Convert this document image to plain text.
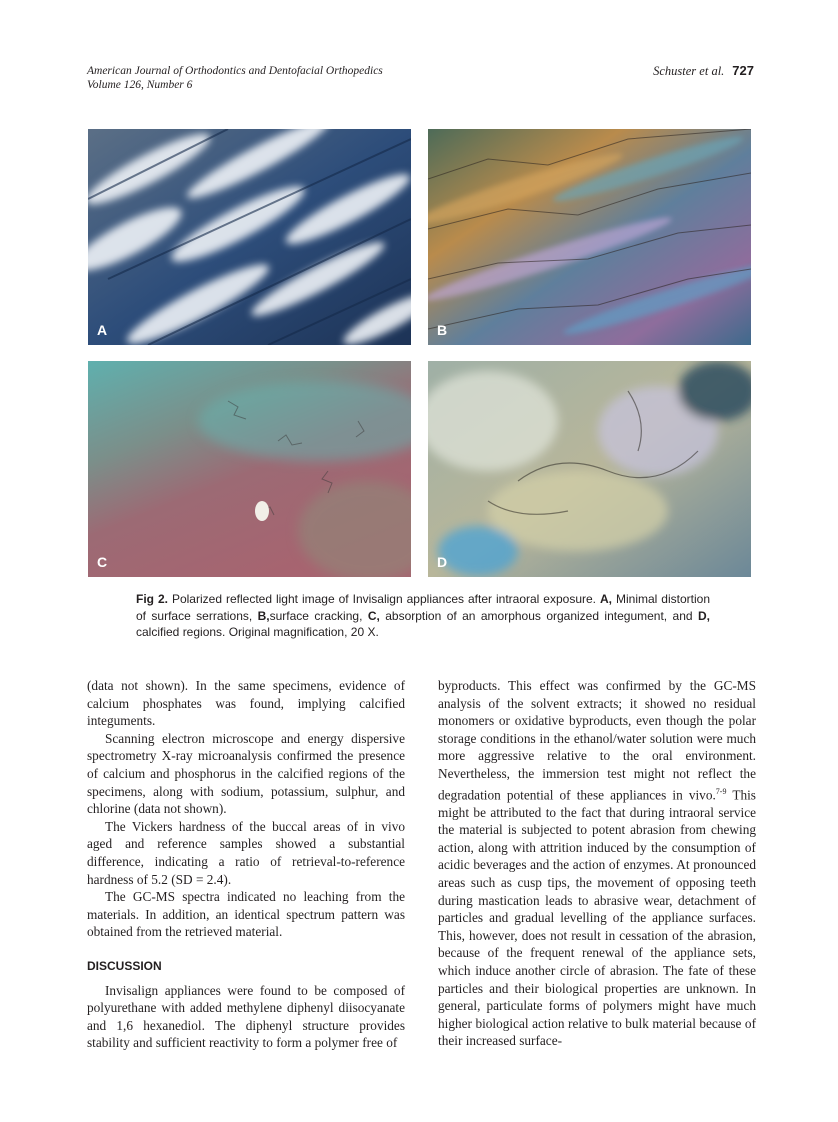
American Journal of Orthodontics and Dentofacial Orthopedics
Volume 126, Number 6
Schuster et al. 727
A	B
C	D
Fig 2. Polarized reflected light image of Invisalign appliances after intraoral exposure. A, Minimal distortion of surface serrations, B,surface cracking, C, absorption of an amorphous organized integument, and D, calcified regions. Original magnification, 20 X.

(data not shown). In the same specimens, evidence of calcium phosphates was found, implying calcified integuments.

Scanning electron microscope and energy dispersive spectrometry X-ray microanalysis confirmed the presence of calcium and phosphorus in the calcified regions of the specimens, along with sodium, potassium, sulphur, and chlorine (data not shown).

The Vickers hardness of the buccal areas of in vivo aged and reference samples showed a substantial difference, indicating a ratio of retrieval-to-reference hardness of 5.2 (SD = 2.4).

The GC-MS spectra indicated no leaching from the materials. In addition, an identical spectrum pattern was obtained from the retrieved material.

DISCUSSION

Invisalign appliances were found to be composed of polyurethane with added methylene diphenyl diisocyanate and 1,6 hexanediol. The diphenyl structure provides stability and sufficient reactivity to form a polymer free of

byproducts. This effect was confirmed by the GC-MS analysis of the solvent extracts; it showed no residual monomers or oxidative byproducts, even though the polar storage conditions in the ethanol/water solution were much more aggressive relative to the oral environment. Nevertheless, the immersion test might not reflect the degradation potential of these appliances in vivo.$^{7-9}$ This might be attributed to the fact that during intraoral service the material is subjected to potent abrasion from chewing action, along with attrition induced by the consumption of acidic beverages and the action of enzymes. At pronounced areas such as cusp tips, the movement of opposing teeth during mastication leads to abrasive wear, detachment of particles and gradual levelling of the appliance surfaces. This, however, does not result in cessation of the abrasion, because of the frequent renewal of the appliance sets, which induce another circle of abrasion. The fate of these particles and their biological properties are unknown. In general, particulate forms of polymers might have much higher biological action relative to bulk material because of their increased surface-
